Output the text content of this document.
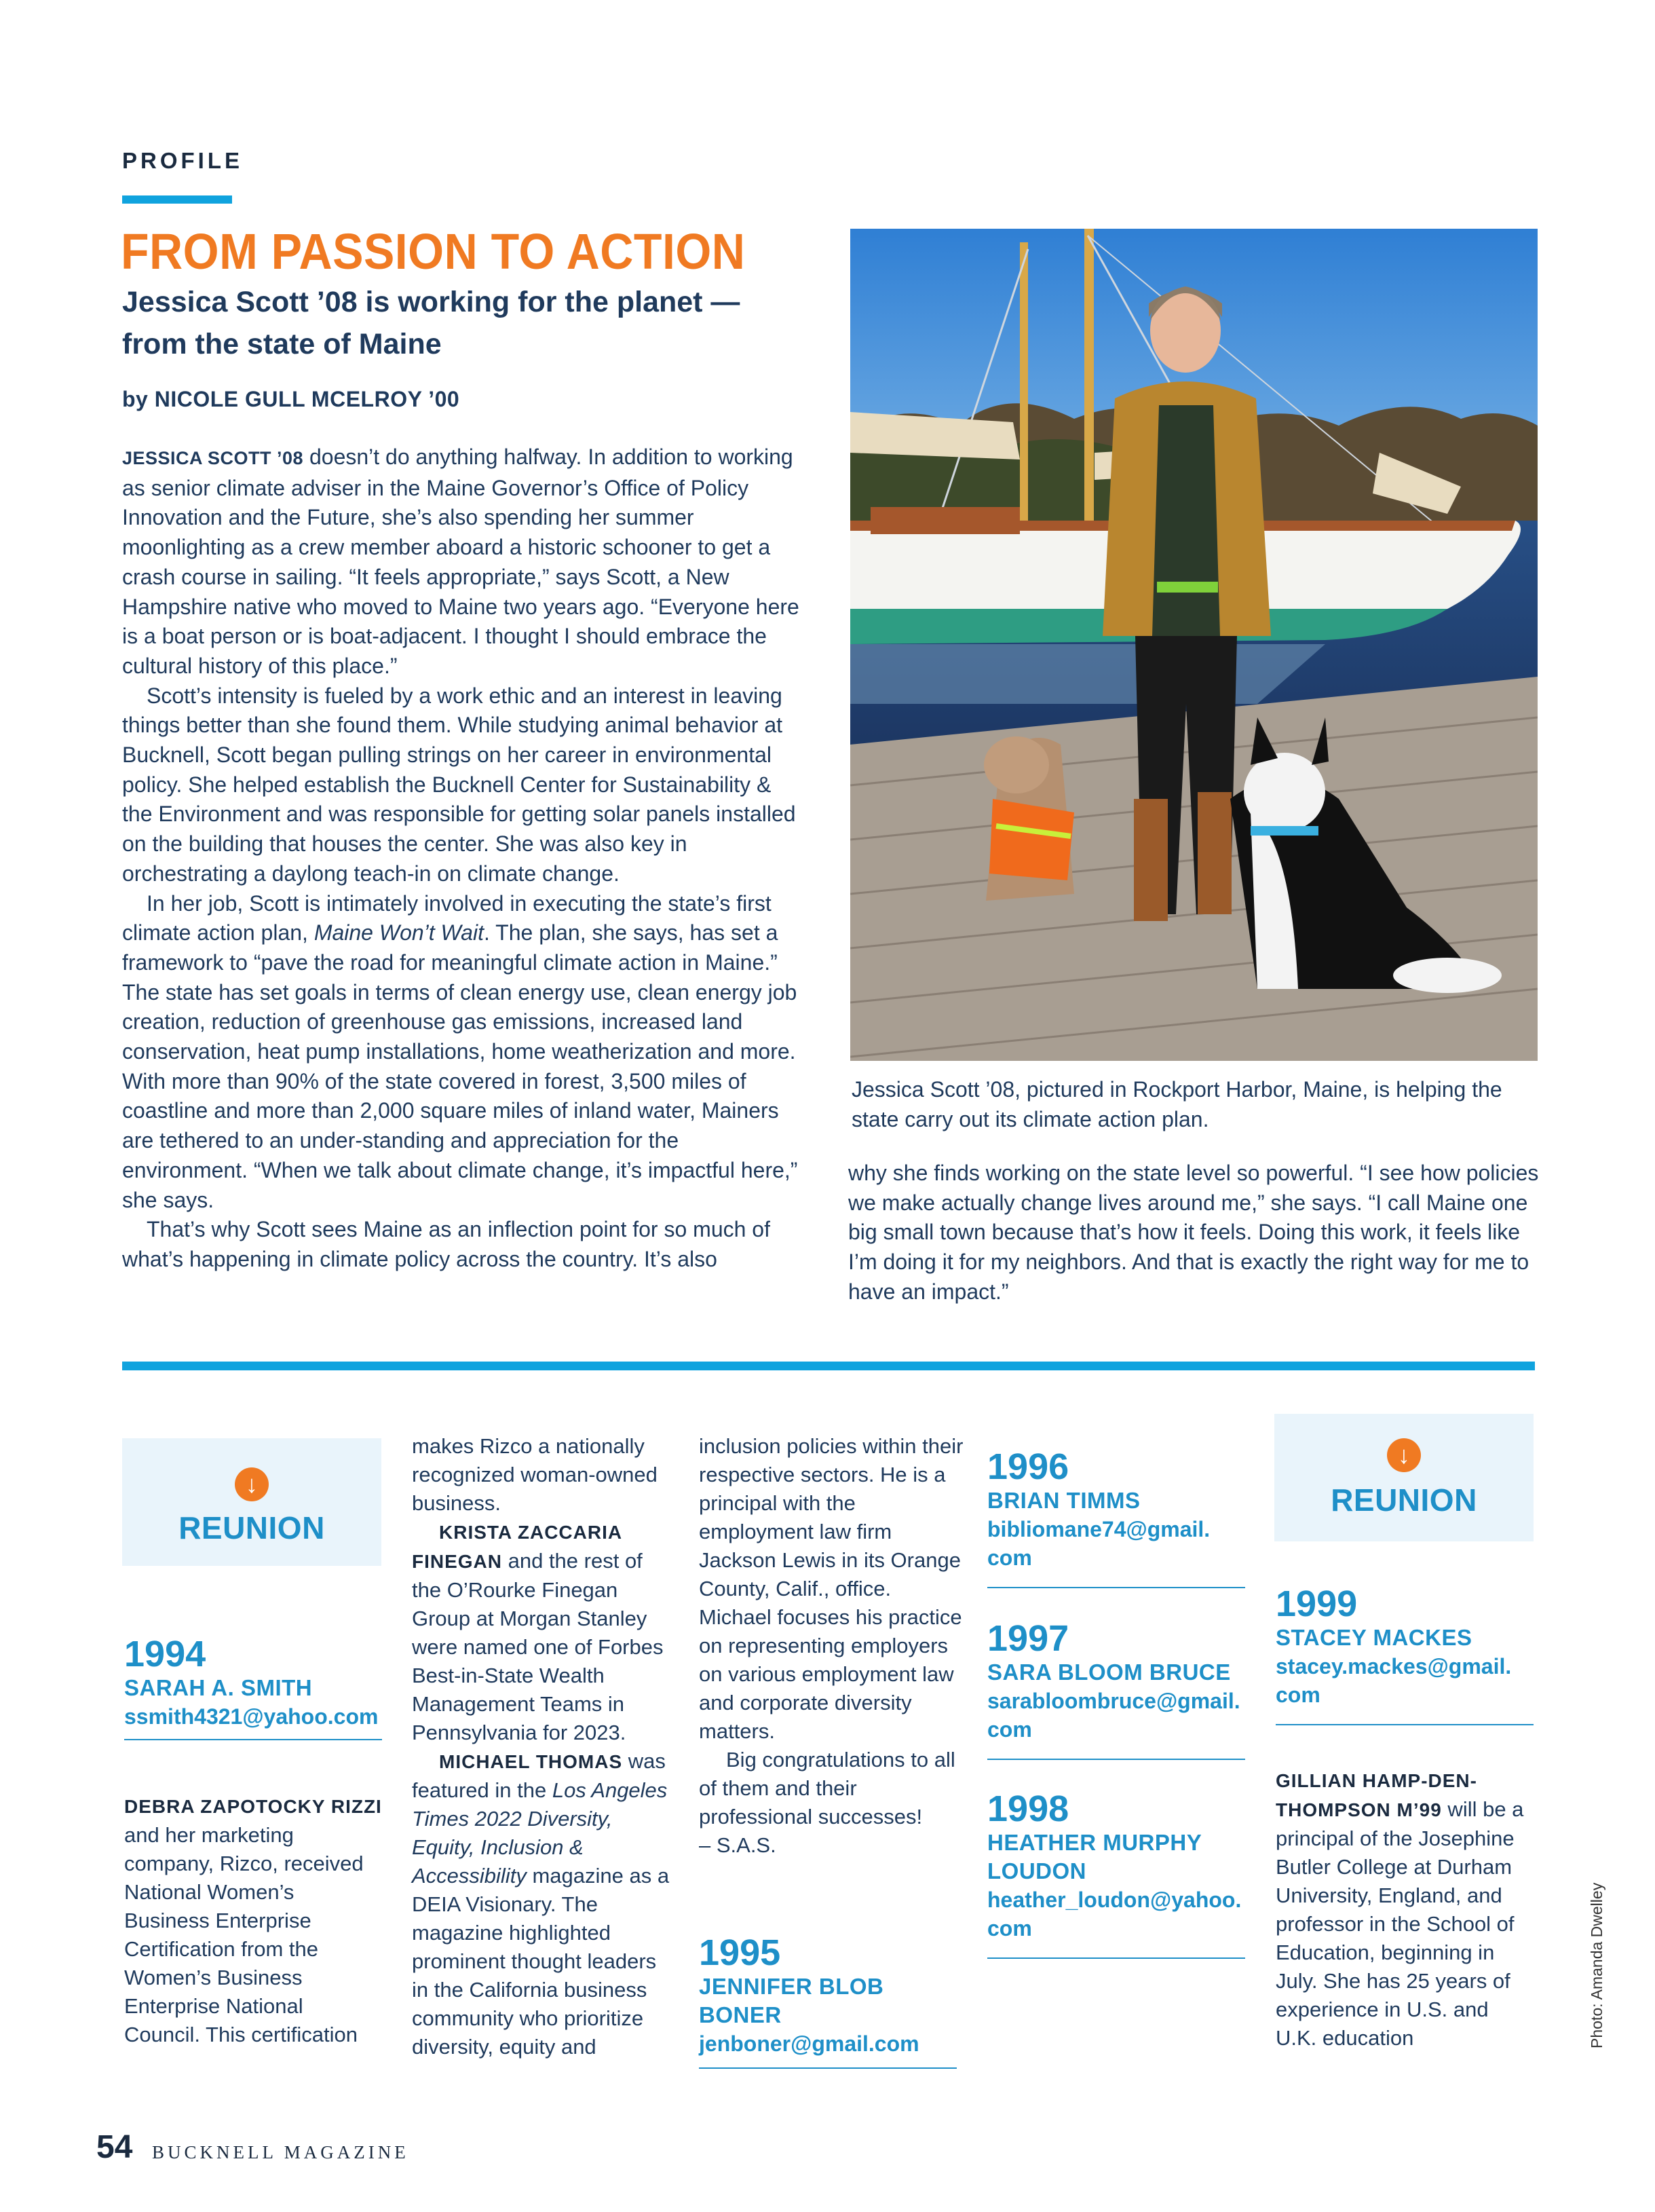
PROFILE
FROM PASSION TO ACTION
Jessica Scott ’08 is working for the planet — from the state of Maine
by NICOLE GULL MCELROY ’00

JESSICA SCOTT ’08 doesn’t do anything halfway. In addition to working as senior climate adviser in the Maine Governor’s Office of Policy Innovation and the Future, she’s also spending her summer moonlighting as a crew member aboard a historic schooner to get a crash course in sailing. “It feels appropriate,” says Scott, a New Hampshire native who moved to Maine two years ago. “Everyone here is a boat person or is boat-adjacent. I thought I should embrace the cultural history of this place.”

Scott’s intensity is fueled by a work ethic and an interest in leaving things better than she found them. While studying animal behavior at Bucknell, Scott began pulling strings on her career in environmental policy. She helped establish the Bucknell Center for Sustainability & the Environment and was responsible for getting solar panels installed on the building that houses the center. She was also key in orchestrating a daylong teach-in on climate change.

In her job, Scott is intimately involved in executing the state’s first climate action plan, Maine Won’t Wait. The plan, she says, has set a framework to “pave the road for meaningful climate action in Maine.” The state has set goals in terms of clean energy use, clean energy job creation, reduction of greenhouse gas emissions, increased land conservation, heat pump installations, home weatherization and more. With more than 90% of the state covered in forest, 3,500 miles of coastline and more than 2,000 square miles of inland water, Mainers are tethered to an under-standing and appreciation for the environment. “When we talk about climate change, it’s impactful here,” she says.

That’s why Scott sees Maine as an inflection point for so much of what’s happening in climate policy across the country. It’s also

Jessica Scott ’08, pictured in Rockport Harbor, Maine, is helping the state carry out its climate action plan.

why she finds working on the state level so powerful. “I see how policies we make actually change lives around me,” she says. “I call Maine one big small town because that’s how it feels. Doing this work, it feels like I’m doing it for my neighbors. And that is exactly the right way for me to have an impact.”

↓
REUNION
1994
SARAH A. SMITH
ssmith4321@yahoo.com

DEBRA ZAPOTOCKY RIZZI and her marketing company, Rizco, received National Women’s Business Enterprise Certification from the Women’s Business Enterprise National Council. This certification

makes Rizco a nationally recognized woman-owned business.

KRISTA ZACCARIA FINEGAN and the rest of the O’Rourke Finegan Group at Morgan Stanley were named one of Forbes Best-in-State Wealth Management Teams in Pennsylvania for 2023.

MICHAEL THOMAS was featured in the Los Angeles Times 2022 Diversity, Equity, Inclusion & Accessibility magazine as a DEIA Visionary. The magazine highlighted prominent thought leaders in the California business community who prioritize diversity, equity and

inclusion policies within their respective sectors. He is a principal with the employment law firm Jackson Lewis in its Orange County, Calif., office. Michael focuses his practice on representing employers on various employment law and corporate diversity matters.

Big congratulations to all of them and their professional successes!

– S.A.S.

1995
JENNIFER BLOB BONER
jenboner@gmail.com
1996
BRIAN TIMMS
bibliomane74@gmail. com
1997
SARA BLOOM BRUCE
sarabloombruce@gmail. com
1998
HEATHER MURPHY LOUDON
heather_loudon@yahoo. com
↓
REUNION
1999
STACEY MACKES
stacey.mackes@gmail. com

GILLIAN HAMP-DEN-THOMPSON M’99 will be a principal of the Josephine Butler College at Durham University, England, and professor in the School of Education, beginning in July. She has 25 years of experience in U.S. and U.K. education

54 BUCKNELL MAGAZINE
Photo: Amanda Dwelley
